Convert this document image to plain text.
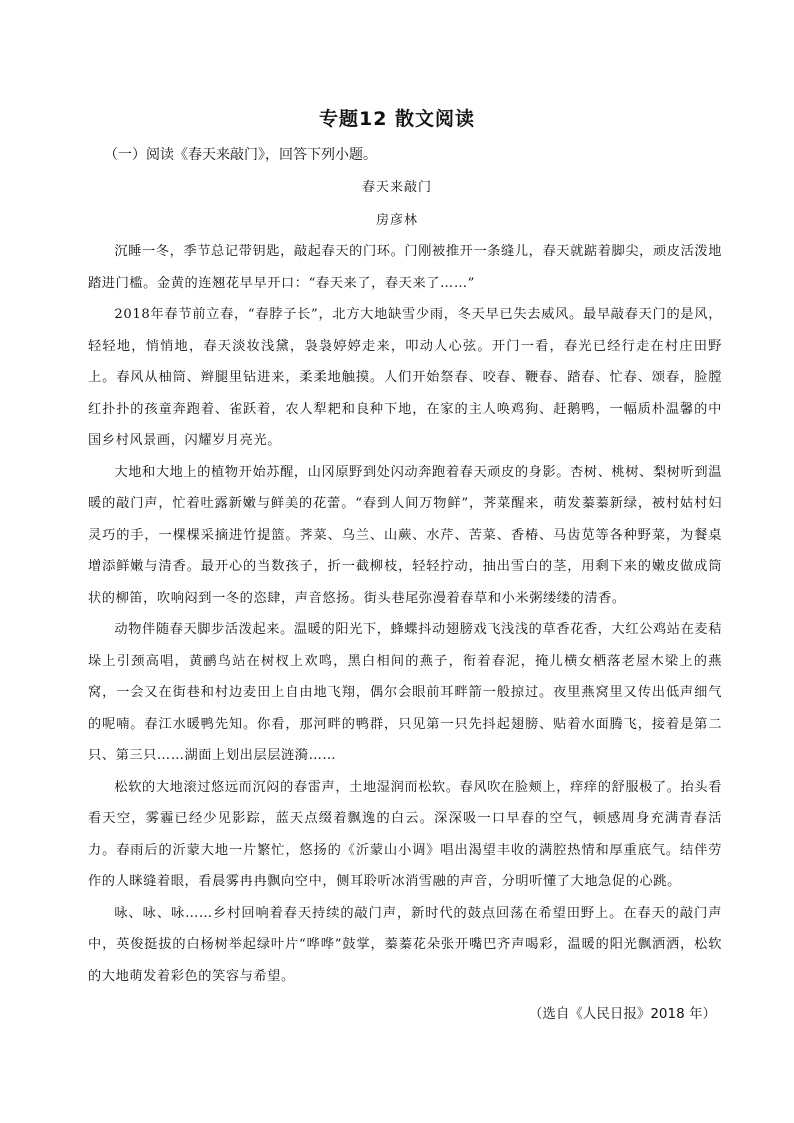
专题12 散文阅读
（一）阅读《春天来敲门》，回答下列小题。
春天来敲门
房彦林

沉睡一冬，季节总记带钥匙，敲起春天的门环。门刚被推开一条缝儿，春天就踮着脚尖，顽皮活泼地踏进门槛。金黄的连翘花早早开口：“春天来了，春天来了……”

2018年春节前立春，“春脖子长”，北方大地缺雪少雨，冬天早已失去威风。最早敲春天门的是风，轻轻地，悄悄地，春天淡妆浅黛，袅袅婷婷走来，叩动人心弦。开门一看，春光已经行走在村庄田野上。春风从柚筒、辫腿里钻进来，柔柔地触摸。人们开始祭春、咬春、鞭春、踏春、忙春、颂春，脸膛红扑扑的孩童奔跑着、雀跃着，农人犁耙和良种下地，在家的主人唤鸡狗、赶鹅鸭，一幅质朴温馨的中国乡村风景画，闪耀岁月亮光。

大地和大地上的植物开始苏醒，山冈原野到处闪动奔跑着春天顽皮的身影。杏树、桃树、梨树听到温暖的敲门声，忙着吐露新嫩与鲜美的花蕾。“春到人间万物鲜”，荠菜醒来，萌发蓁蓁新绿，被村姑村妇灵巧的手，一棵棵采摘进竹提篮。荠菜、乌兰、山蕨、水芹、苦菜、香椿、马齿苋等各种野菜，为餐桌增添鲜嫩与清香。最开心的当数孩子，折一截柳枝，轻轻拧动，抽出雪白的茎，用剩下来的嫩皮做成筒状的柳笛，吹响闷到一冬的恣肆，声音悠扬。街头巷尾弥漫着春草和小米粥缕缕的清香。

动物伴随春天脚步活泼起来。温暖的阳光下，蜂蝶抖动翅膀戏飞浅浅的草香花香，大红公鸡站在麦秸垛上引颈高唱，黄鹂鸟站在树杈上欢鸣，黑白相间的燕子，衔着春泥，掩儿横女栖落老屋木梁上的燕窝，一会又在街巷和村边麦田上自由地飞翔，偶尔会眼前耳畔箭一般掠过。夜里燕窝里又传出低声细气的呢喃。春江水暖鸭先知。你看，那河畔的鸭群，只见第一只先抖起翅膀、贴着水面腾飞，接着是第二只、第三只……湖面上划出层层涟漪……

松软的大地滚过悠远而沉闷的春雷声，土地湿润而松软。春风吹在脸颊上，痒痒的舒服极了。抬头看看天空，雾霾已经少见影踪，蓝天点缀着飘逸的白云。深深吸一口早春的空气，顿感周身充满青春活力。春雨后的沂蒙大地一片繁忙，悠扬的《沂蒙山小调》唱出渴望丰收的满腔热情和厚重底气。结伴劳作的人眯缝着眼，看晨雾冉冉飘向空中，侧耳聆听冰消雪融的声音，分明听懂了大地急促的心跳。

咏、咏、咏……乡村回响着春天持续的敲门声，新时代的鼓点回荡在希望田野上。在春天的敲门声中，英俊挺拔的白杨树举起绿叶片“哗哗”鼓掌，蓁蓁花朵张开嘴巴齐声喝彩，温暖的阳光飘洒洒，松软的大地萌发着彩色的笑容与希望。

（选自《人民日报》2018 年）
